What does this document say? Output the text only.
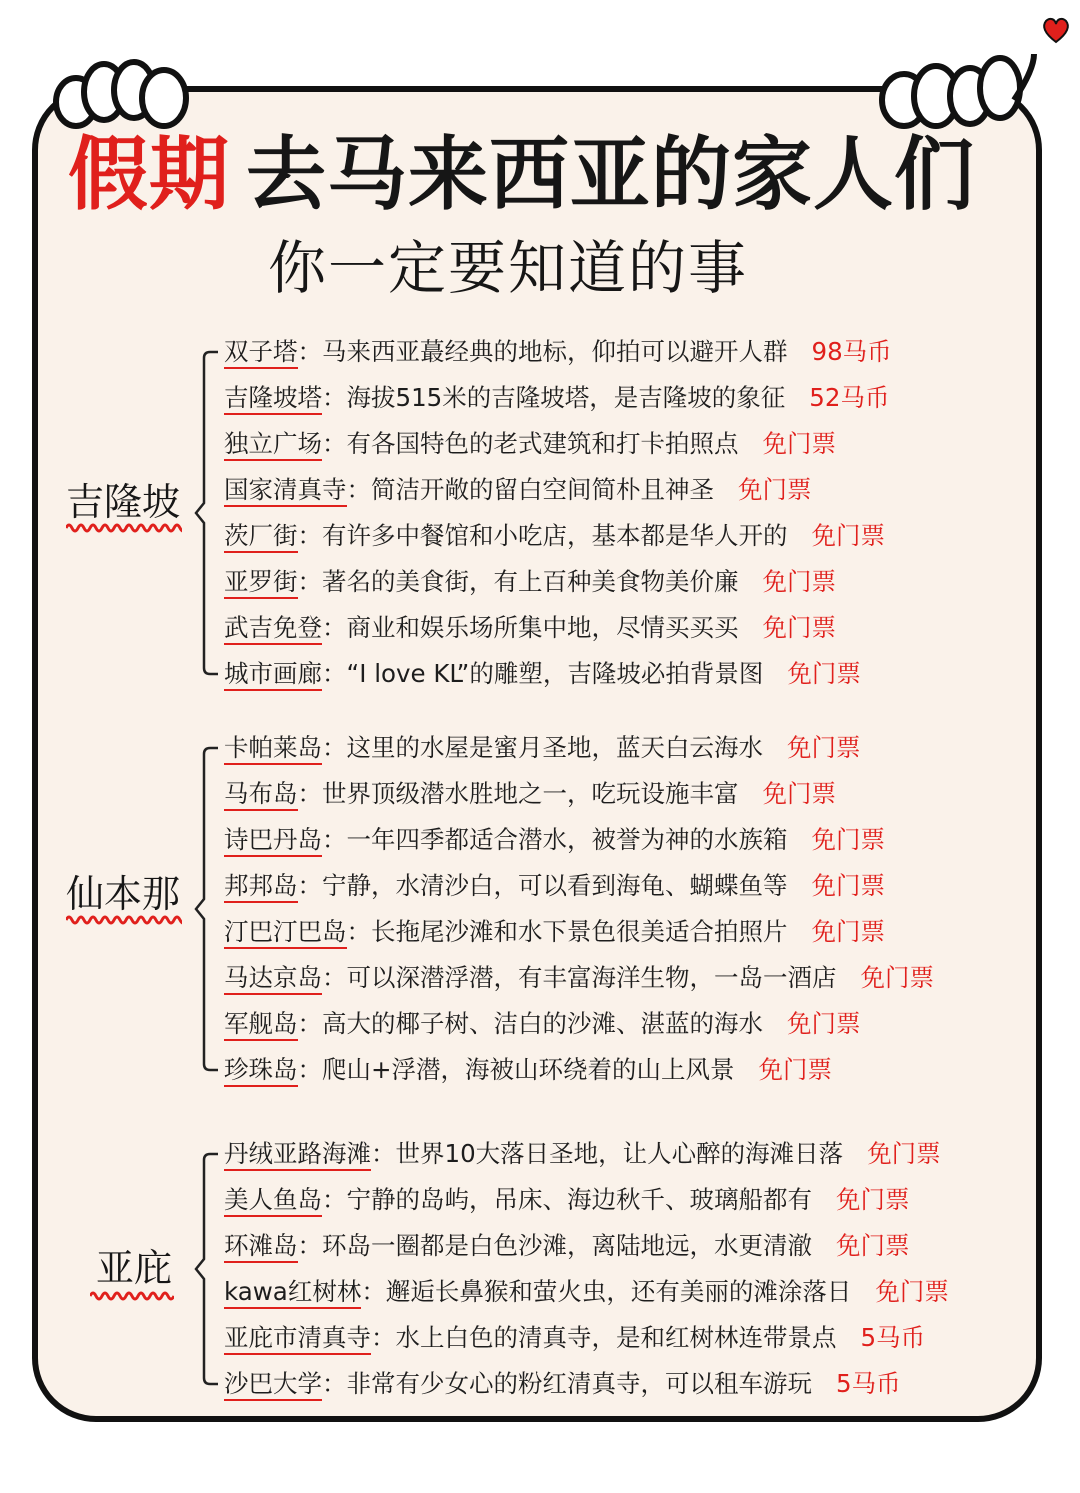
假期 去马来西亚的家人们
你一定要知道的事
吉隆坡
双子塔：马来西亚蕞经典的地标，仰拍可以避开人群 98马币
吉隆坡塔：海拔515米的吉隆坡塔，是吉隆坡的象征 52马币
独立广场：有各国特色的老式建筑和打卡拍照点 免门票
国家清真寺：简洁开敞的留白空间简朴且神圣 免门票
茨厂街：有许多中餐馆和小吃店，基本都是华人开的 免门票
亚罗街：著名的美食街，有上百种美食物美价廉 免门票
武吉免登：商业和娱乐场所集中地，尽情买买买 免门票
城市画廊：“I love KL”的雕塑，吉隆坡必拍背景图 免门票
仙本那
卡帕莱岛：这里的水屋是蜜月圣地，蓝天白云海水 免门票
马布岛：世界顶级潜水胜地之一，吃玩设施丰富 免门票
诗巴丹岛：一年四季都适合潜水，被誉为神的水族箱 免门票
邦邦岛：宁静，水清沙白，可以看到海龟、蝴蝶鱼等 免门票
汀巴汀巴岛：长拖尾沙滩和水下景色很美适合拍照片 免门票
马达京岛：可以深潜浮潜，有丰富海洋生物，一岛一酒店 免门票
军舰岛：高大的椰子树、洁白的沙滩、湛蓝的海水 免门票
珍珠岛：爬山+浮潜，海被山环绕着的山上风景 免门票
亚庇
丹绒亚路海滩：世界10大落日圣地，让人心醉的海滩日落 免门票
美人鱼岛：宁静的岛屿，吊床、海边秋千、玻璃船都有 免门票
环滩岛：环岛一圈都是白色沙滩，离陆地远，水更清澈 免门票
kawa红树林：邂逅长鼻猴和萤火虫，还有美丽的滩涂落日 免门票
亚庇市清真寺：水上白色的清真寺，是和红树林连带景点 5马币
沙巴大学：非常有少女心的粉红清真寺，可以租车游玩 5马币
